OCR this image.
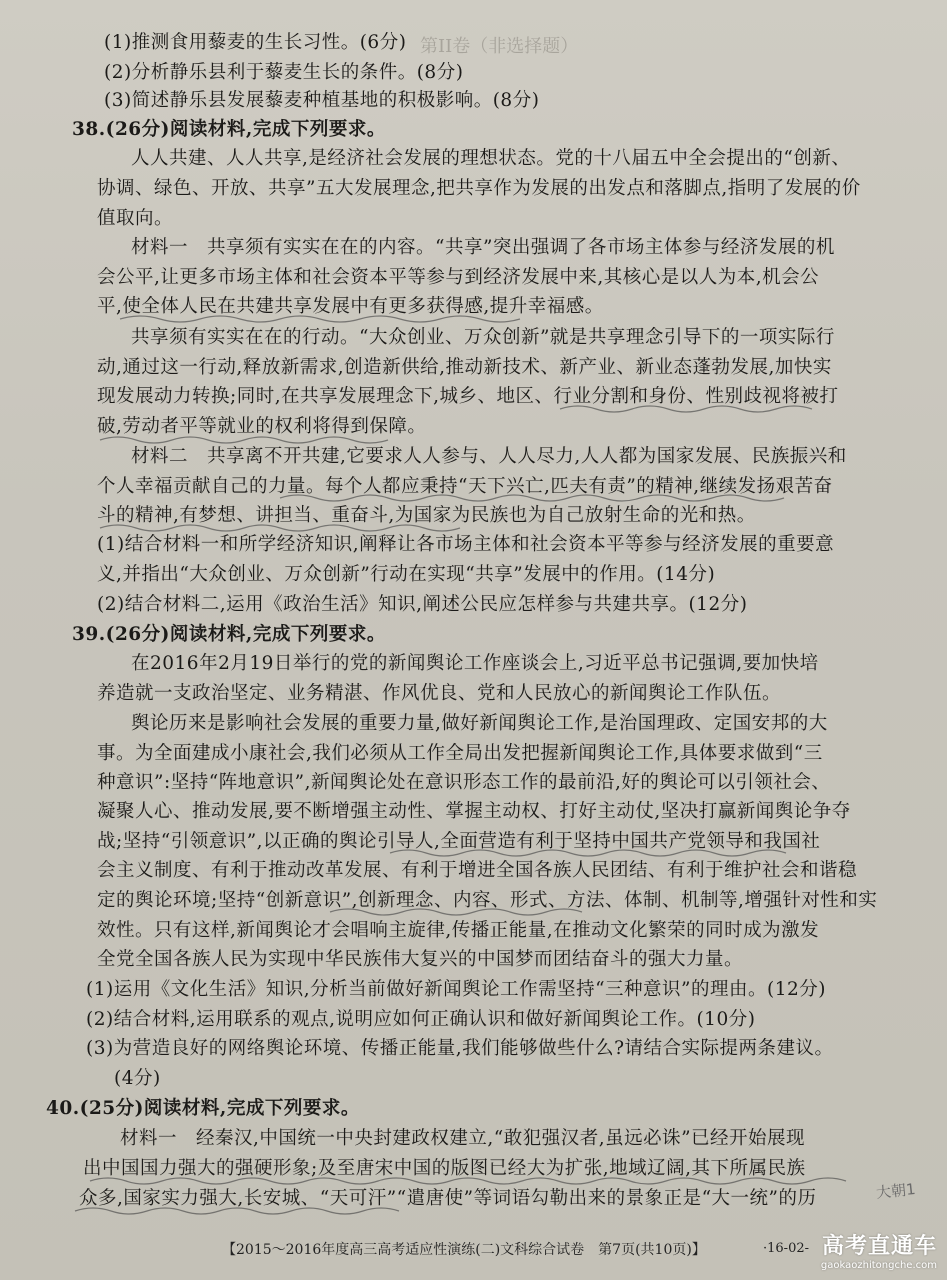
第II卷（非选择题）
(1)推测食用藜麦的生长习性。(6分)
(2)分析静乐县利于藜麦生长的条件。(8分)
(3)简述静乐县发展藜麦种植基地的积极影响。(8分)
38.(26分)阅读材料,完成下列要求。
人人共建、人人共享,是经济社会发展的理想状态。党的十八届五中全会提出的“创新、
协调、绿色、开放、共享”五大发展理念,把共享作为发展的出发点和落脚点,指明了发展的价
值取向。
材料一　共享须有实实在在的内容。“共享”突出强调了各市场主体参与经济发展的机
会公平,让更多市场主体和社会资本平等参与到经济发展中来,其核心是以人为本,机会公
平,使全体人民在共建共享发展中有更多获得感,提升幸福感。
共享须有实实在在的行动。“大众创业、万众创新”就是共享理念引导下的一项实际行
动,通过这一行动,释放新需求,创造新供给,推动新技术、新产业、新业态蓬勃发展,加快实
现发展动力转换;同时,在共享发展理念下,城乡、地区、行业分割和身份、性别歧视将被打
破,劳动者平等就业的权利将得到保障。
材料二　共享离不开共建,它要求人人参与、人人尽力,人人都为国家发展、民族振兴和
个人幸福贡献自己的力量。每个人都应秉持“天下兴亡,匹夫有责”的精神,继续发扬艰苦奋
斗的精神,有梦想、讲担当、重奋斗,为国家为民族也为自己放射生命的光和热。
(1)结合材料一和所学经济知识,阐释让各市场主体和社会资本平等参与经济发展的重要意
义,并指出“大众创业、万众创新”行动在实现“共享”发展中的作用。(14分)
(2)结合材料二,运用《政治生活》知识,阐述公民应怎样参与共建共享。(12分)
39.(26分)阅读材料,完成下列要求。
在2016年2月19日举行的党的新闻舆论工作座谈会上,习近平总书记强调,要加快培
养造就一支政治坚定、业务精湛、作风优良、党和人民放心的新闻舆论工作队伍。
舆论历来是影响社会发展的重要力量,做好新闻舆论工作,是治国理政、定国安邦的大
事。为全面建成小康社会,我们必须从工作全局出发把握新闻舆论工作,具体要求做到“三
种意识”:坚持“阵地意识”,新闻舆论处在意识形态工作的最前沿,好的舆论可以引领社会、
凝聚人心、推动发展,要不断增强主动性、掌握主动权、打好主动仗,坚决打赢新闻舆论争夺
战;坚持“引领意识”,以正确的舆论引导人,全面营造有利于坚持中国共产党领导和我国社
会主义制度、有利于推动改革发展、有利于增进全国各族人民团结、有利于维护社会和谐稳
定的舆论环境;坚持“创新意识”,创新理念、内容、形式、方法、体制、机制等,增强针对性和实
效性。只有这样,新闻舆论才会唱响主旋律,传播正能量,在推动文化繁荣的同时成为激发
全党全国各族人民为实现中华民族伟大复兴的中国梦而团结奋斗的强大力量。
(1)运用《文化生活》知识,分析当前做好新闻舆论工作需坚持“三种意识”的理由。(12分)
(2)结合材料,运用联系的观点,说明应如何正确认识和做好新闻舆论工作。(10分)
(3)为营造良好的网络舆论环境、传播正能量,我们能够做些什么?请结合实际提两条建议。
(4分)
40.(25分)阅读材料,完成下列要求。
材料一　经秦汉,中国统一中央封建政权建立,“敢犯强汉者,虽远必诛”已经开始展现
出中国国力强大的强硬形象;及至唐宋中国的版图已经大为扩张,地域辽阔,其下所属民族
众多,国家实力强大,长安城、“天可汗”“遣唐使”等词语勾勒出来的景象正是“大一统”的历	大朝1
【2015～2016年度高三高考适应性演练(二)文科综合试卷　第7页(共10页)】	·16-02- 高考直通车
gaokaozhitongche.com
